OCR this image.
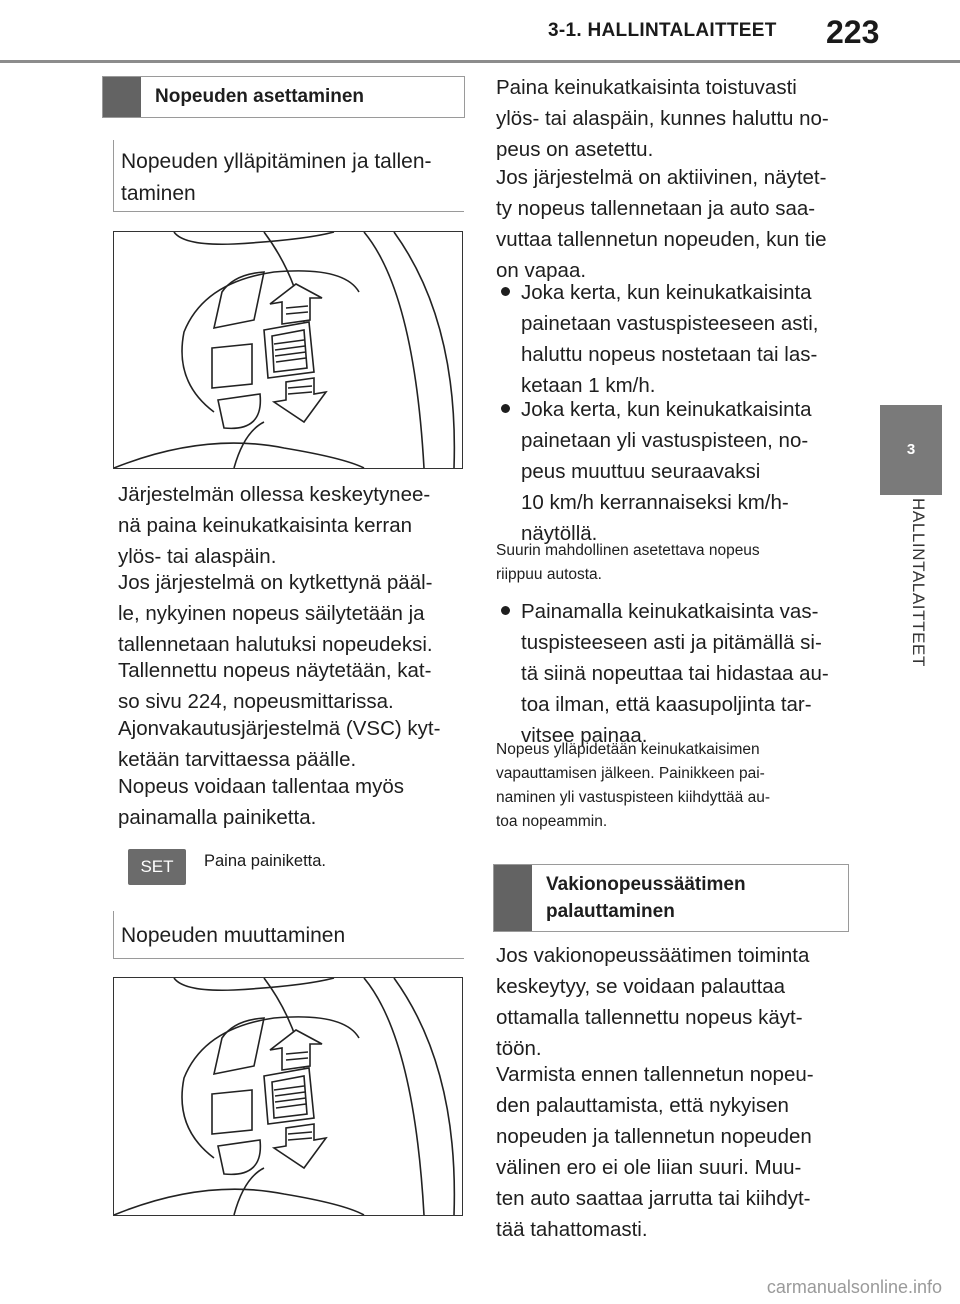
3-1. HALLINTALAITTEET 223
3
HALLINTALAITTEET
Nopeuden asettaminen
Nopeuden ylläpitäminen ja tallen-
taminen
Järjestelmän ollessa keskeytynee-
nä paina keinukatkaisinta kerran
ylös- tai alaspäin.
Jos järjestelmä on kytkettynä pääl-
le, nykyinen nopeus säilytetään ja
tallennetaan halutuksi nopeudeksi.
Tallennettu nopeus näytetään, kat-
so sivu 224, nopeusmittarissa.
Ajonvakautusjärjestelmä (VSC) kyt-
ketään tarvittaessa päälle.
Nopeus voidaan tallentaa myös
painamalla painiketta.
SET	Paina painiketta.
Nopeuden muuttaminen
Paina keinukatkaisinta toistuvasti
ylös- tai alaspäin, kunnes haluttu no-
peus on asetettu.
Jos järjestelmä on aktiivinen, näytet-
ty nopeus tallennetaan ja auto saa-
vuttaa tallennetun nopeuden, kun tie
on vapaa.
Joka kerta, kun keinukatkaisinta
painetaan vastuspisteeseen asti,
haluttu nopeus nostetaan tai las-
ketaan 1 km/h.
Joka kerta, kun keinukatkaisinta
painetaan yli vastuspisteen, no-
peus muuttuu seuraavaksi
10 km/h kerrannaiseksi km/h-
näytöllä.
Suurin mahdollinen asetettava nopeus
riippuu autosta.
Painamalla keinukatkaisinta vas-
tuspisteeseen asti ja pitämällä si-
tä siinä nopeuttaa tai hidastaa au-
toa ilman, että kaasupoljinta tar-
vitsee painaa.
Nopeus ylläpidetään keinukatkaisimen
vapauttamisen jälkeen. Painikkeen pai-
naminen yli vastuspisteen kiihdyttää au-
toa nopeammin.
Vakionopeussäätimen
palauttaminen
Jos vakionopeussäätimen toiminta
keskeytyy, se voidaan palauttaa
ottamalla tallennettu nopeus käyt-
töön.
Varmista ennen tallennetun nopeu-
den palauttamista, että nykyisen
nopeuden ja tallennetun nopeuden
välinen ero ei ole liian suuri. Muu-
ten auto saattaa jarrutta tai kiihdyt-
tää tahattomasti.
carmanualsonline.info
